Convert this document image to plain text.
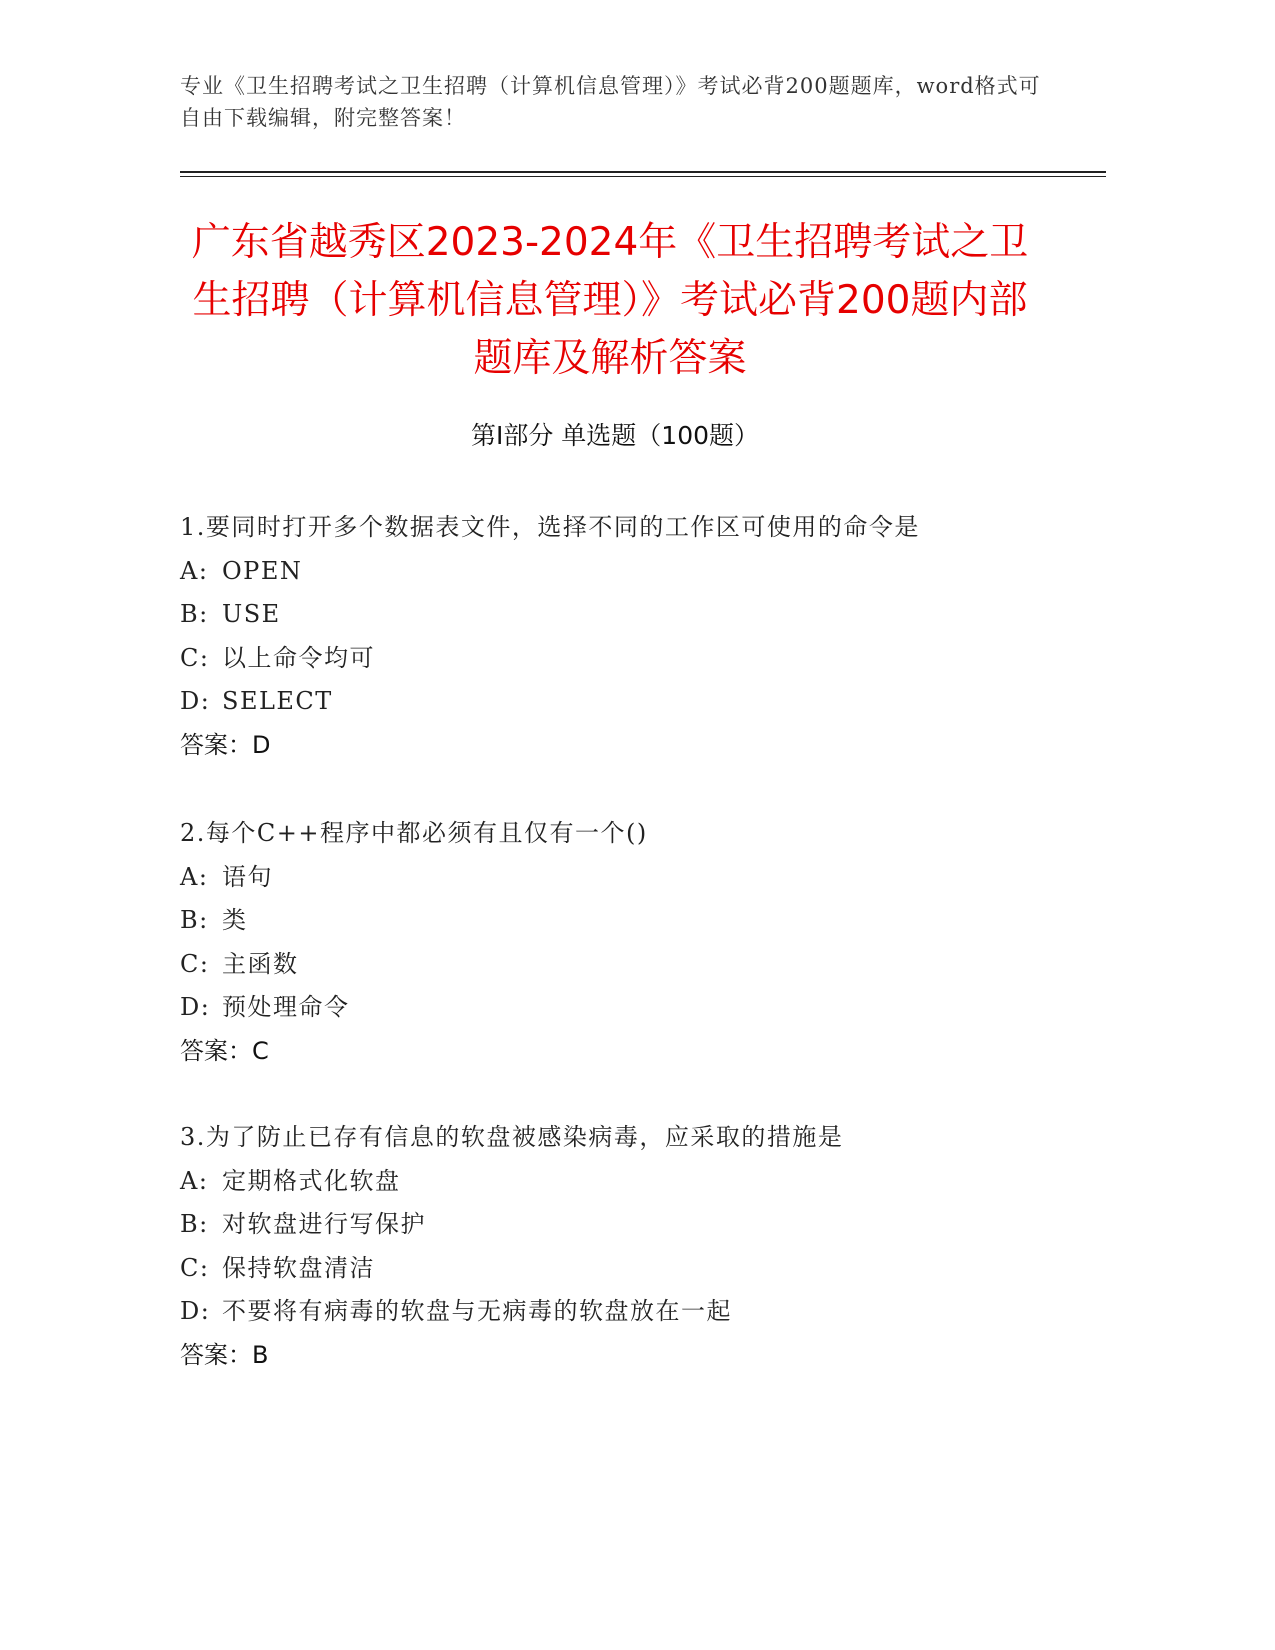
专业《卫生招聘考试之卫生招聘（计算机信息管理）》考试必背200题题库，word格式可自由下载编辑，附完整答案！
广东省越秀区2023-2024年《卫生招聘考试之卫生招聘（计算机信息管理）》考试必背200题内部题库及解析答案
第Ⅰ部分 单选题（100题）
1.要同时打开多个数据表文件，选择不同的工作区可使用的命令是
A: OPEN
B: USE
C: 以上命令均可
D: SELECT
答案：D
2.每个C++程序中都必须有且仅有一个()
A: 语句
B: 类
C: 主函数
D: 预处理命令
答案：C
3.为了防止已存有信息的软盘被感染病毒，应采取的措施是
A: 定期格式化软盘
B: 对软盘进行写保护
C: 保持软盘清洁
D: 不要将有病毒的软盘与无病毒的软盘放在一起
答案：B
